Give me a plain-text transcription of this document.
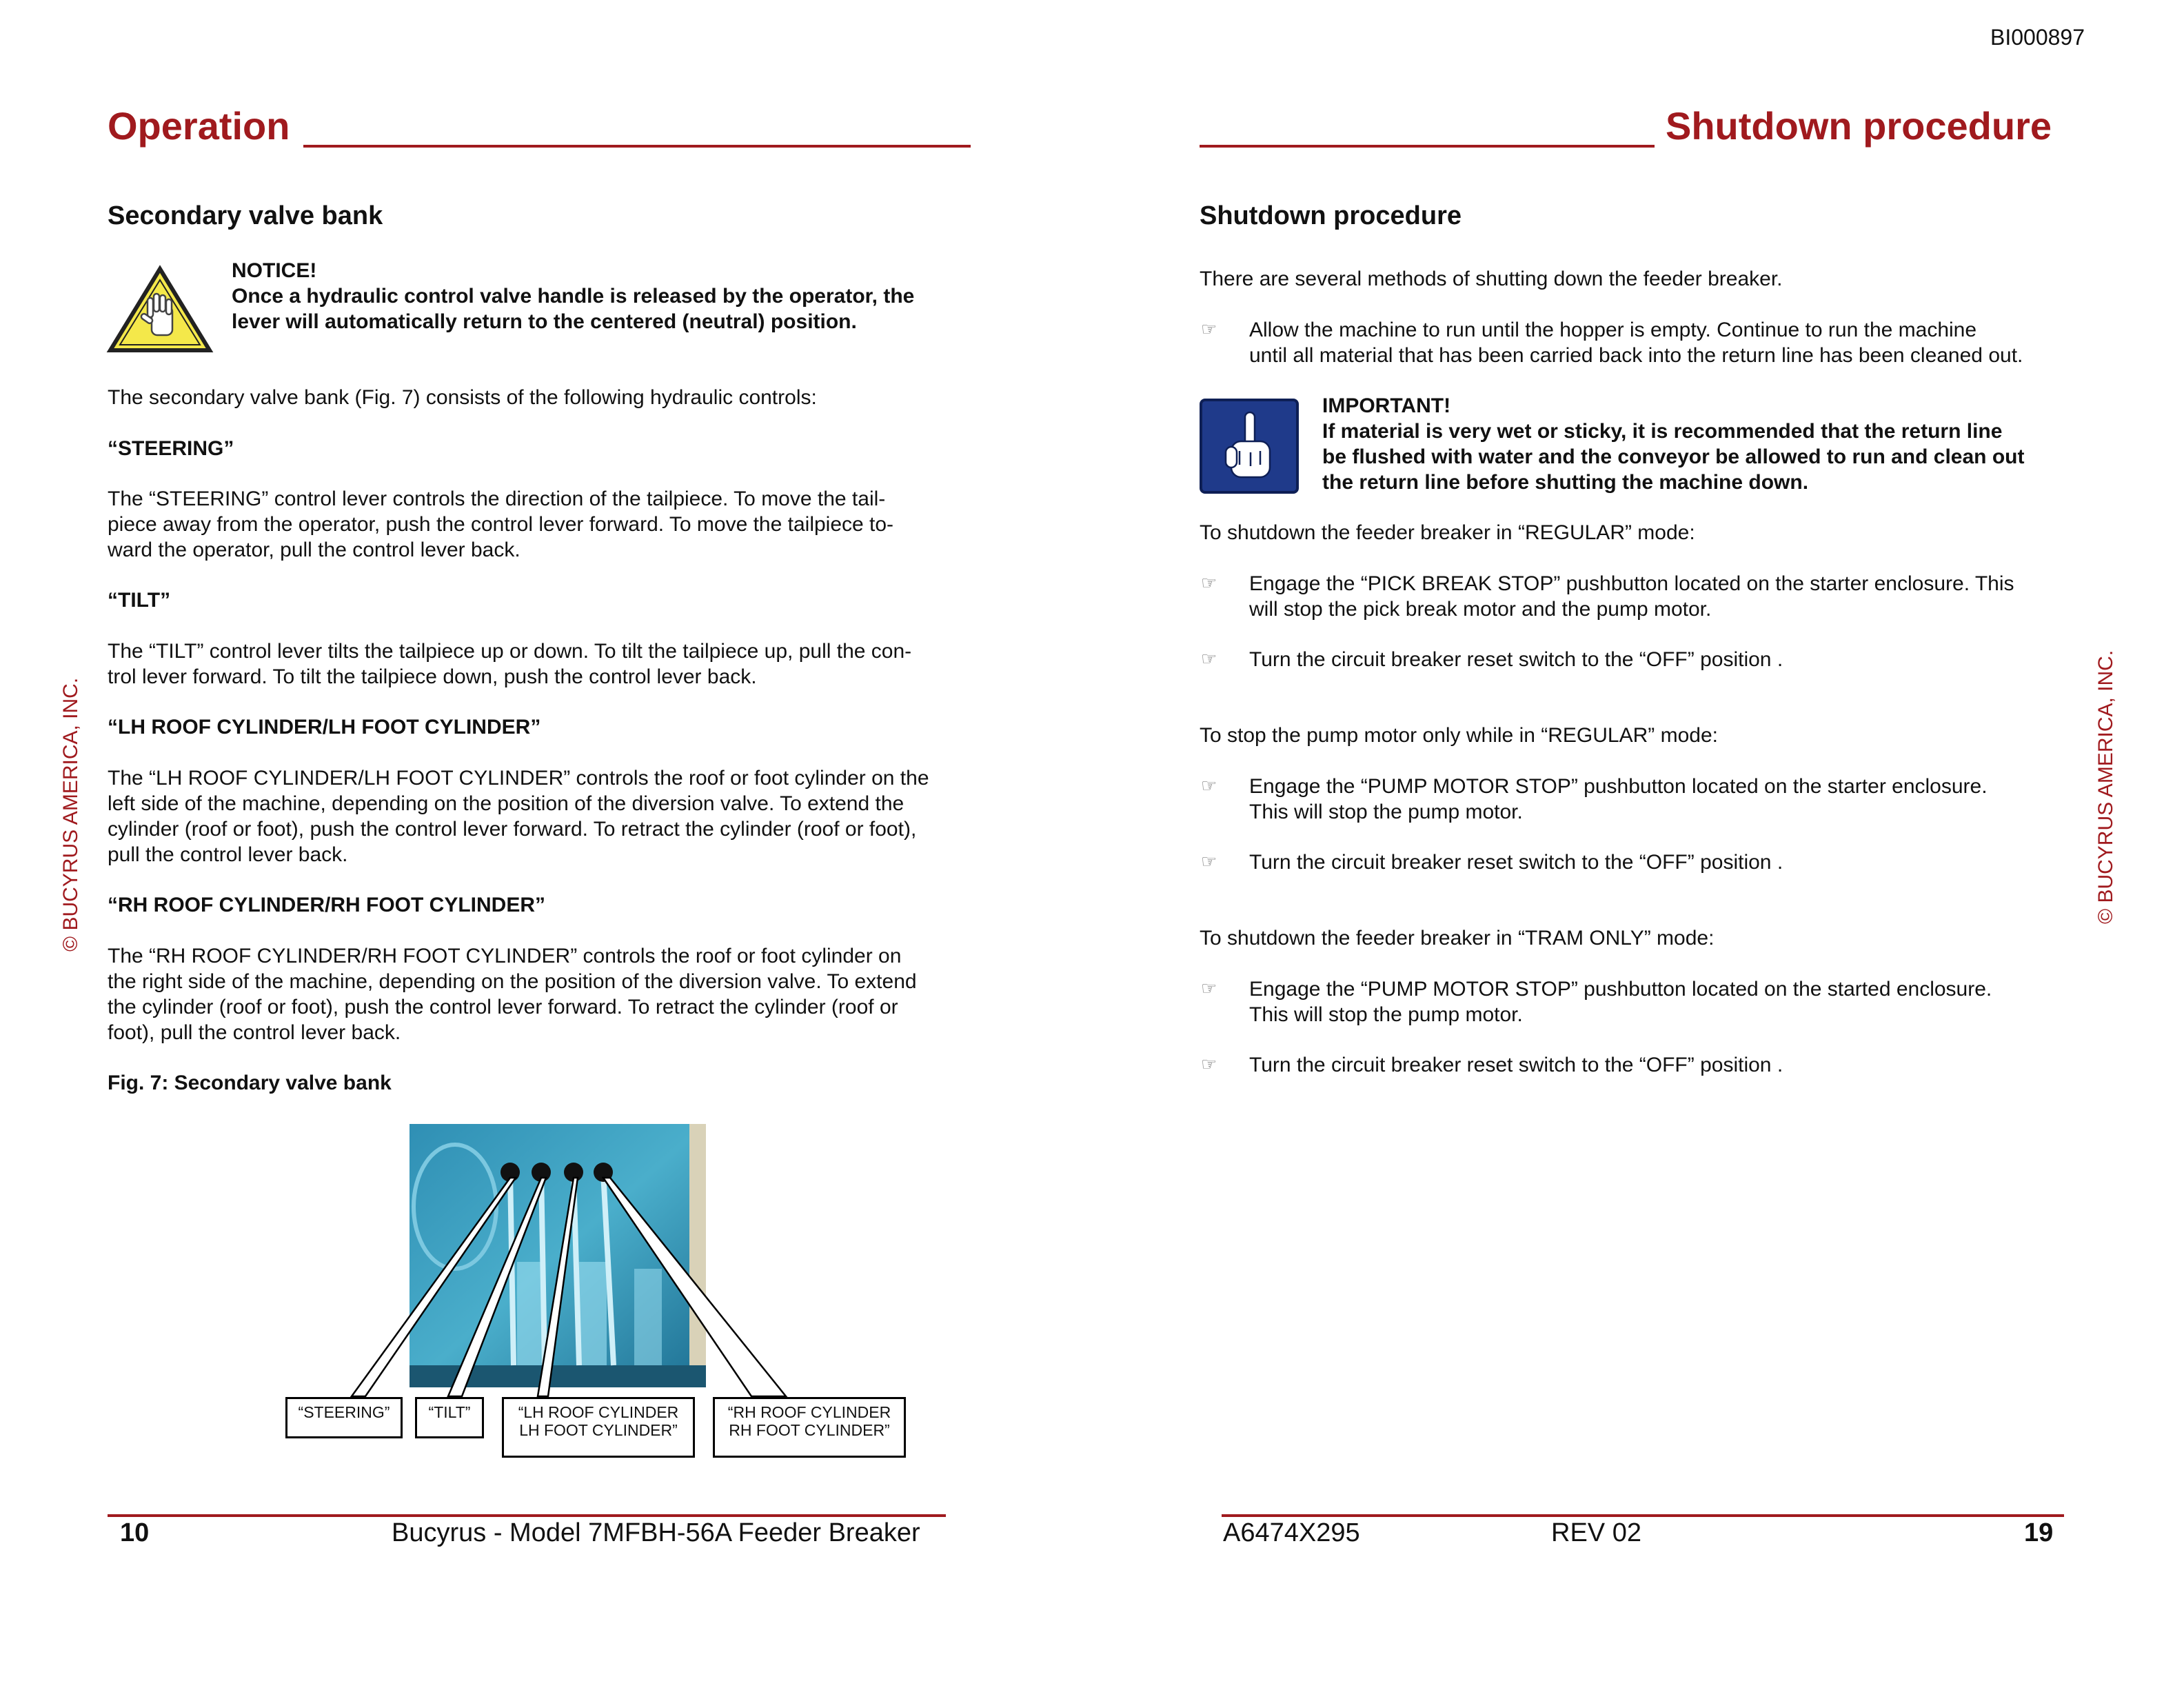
BI000897
Operation
Secondary valve bank
NOTICE!
Once a hydraulic control valve handle is released by the operator, the
lever will automatically return to the centered (neutral) position.
The secondary valve bank (Fig. 7) consists of the following hydraulic controls:
“STEERING”
The “STEERING” control lever controls the direction of the tailpiece. To move the tail-
piece away from the operator, push the control lever forward. To move the tailpiece to-
ward the operator, pull the control lever back.
“TILT”
The “TILT” control lever tilts the tailpiece up or down. To tilt the tailpiece up, pull the con-
trol lever forward. To tilt the tailpiece down, push the control lever back.
“LH ROOF CYLINDER/LH FOOT CYLINDER”
The “LH ROOF CYLINDER/LH FOOT CYLINDER” controls the roof or foot cylinder on the
left side of the machine, depending on the position of the diversion valve. To extend the
cylinder (roof or foot), push the control lever forward. To retract the cylinder (roof or foot),
pull the control lever back.
“RH ROOF CYLINDER/RH FOOT CYLINDER”
The “RH ROOF CYLINDER/RH FOOT CYLINDER” controls the roof or foot cylinder on
the right side of the machine, depending on the position of the diversion valve. To extend
the cylinder (roof or foot), push the control lever forward. To retract the cylinder (roof or
foot), pull the control lever back.
Fig. 7: Secondary valve bank
“STEERING”	“TILT”	“LH ROOF CYLINDER
LH FOOT CYLINDER”
“RH ROOF CYLINDER
RH FOOT CYLINDER”
© BUCYRUS AMERICA, INC.
10	Bucyrus - Model 7MFBH-56A Feeder Breaker
Shutdown procedure
Shutdown procedure
There are several methods of shutting down the feeder breaker.
☞ Allow the machine to run until the hopper is empty. Continue to run the machine
until all material that has been carried back into the return line has been cleaned out.
IMPORTANT!
If material is very wet or sticky, it is recommended that the return line
be flushed with water and the conveyor be allowed to run and clean out
the return line before shutting the machine down.
To shutdown the feeder breaker in “REGULAR” mode:
☞ Engage the “PICK BREAK STOP” pushbutton located on the starter enclosure. This
will stop the pick break motor and the pump motor.
☞ Turn the circuit breaker reset switch to the “OFF” position .
To stop the pump motor only while in “REGULAR” mode:
☞ Engage the “PUMP MOTOR STOP” pushbutton located on the starter enclosure.
This will stop the pump motor.
☞ Turn the circuit breaker reset switch to the “OFF” position .
To shutdown the feeder breaker in “TRAM ONLY” mode:
☞ Engage the “PUMP MOTOR STOP” pushbutton located on the started enclosure.
This will stop the pump motor.
☞ Turn the circuit breaker reset switch to the “OFF” position .
© BUCYRUS AMERICA, INC.
A6474X295	REV 02	19
